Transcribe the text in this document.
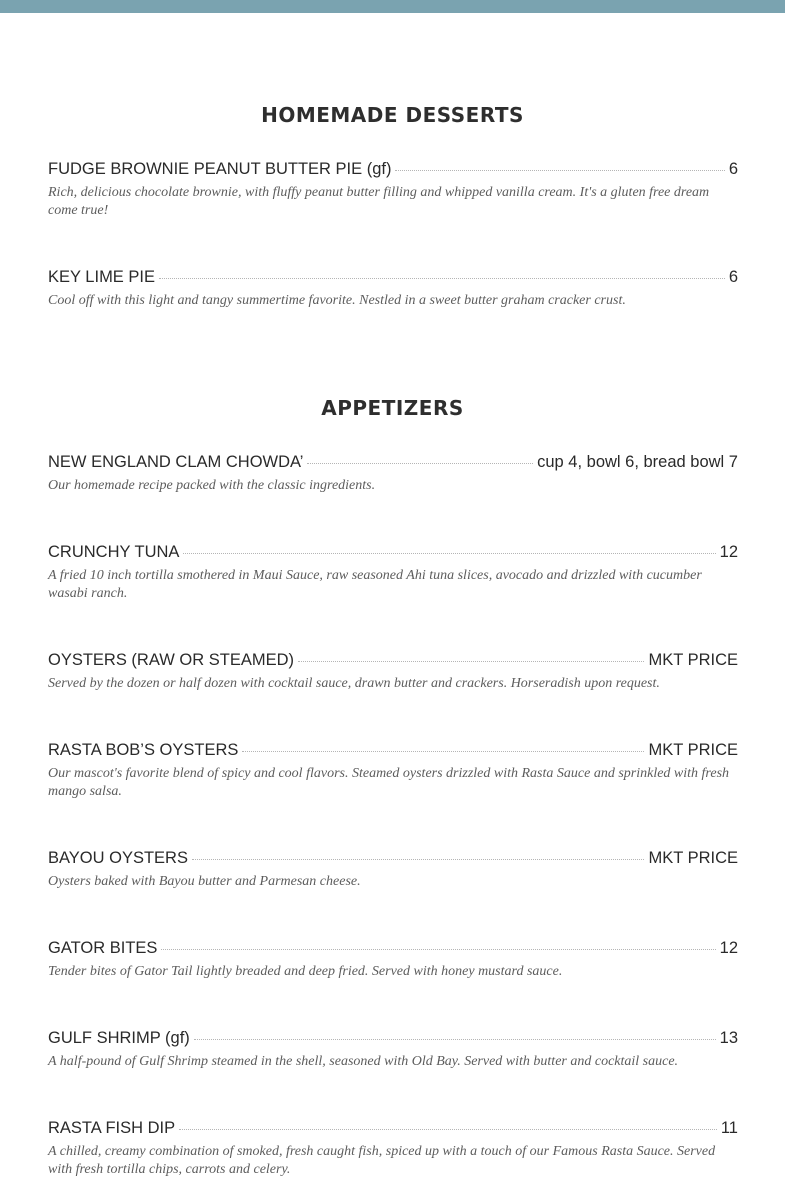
HOMEMADE DESSERTS
FUDGE BROWNIE PEANUT BUTTER PIE (gf)	6
Rich, delicious chocolate brownie, with fluffy peanut butter filling and whipped vanilla cream. It's a gluten free dream come true!
KEY LIME PIE	6
Cool off with this light and tangy summertime favorite. Nestled in a sweet butter graham cracker crust.
APPETIZERS
NEW ENGLAND CLAM CHOWDA’	cup 4, bowl 6, bread bowl 7
Our homemade recipe packed with the classic ingredients.
CRUNCHY TUNA	12
A fried 10 inch tortilla smothered in Maui Sauce, raw seasoned Ahi tuna slices, avocado and drizzled with cucumber wasabi ranch.
OYSTERS (RAW OR STEAMED)	MKT PRICE
Served by the dozen or half dozen with cocktail sauce, drawn butter and crackers. Horseradish upon request.
RASTA BOB’S OYSTERS	MKT PRICE
Our mascot's favorite blend of spicy and cool flavors. Steamed oysters drizzled with Rasta Sauce and sprinkled with fresh mango salsa.
BAYOU OYSTERS	MKT PRICE
Oysters baked with Bayou butter and Parmesan cheese.
GATOR BITES	12
Tender bites of Gator Tail lightly breaded and deep fried. Served with honey mustard sauce.
GULF SHRIMP (gf)	13
A half-pound of Gulf Shrimp steamed in the shell, seasoned with Old Bay. Served with butter and cocktail sauce.
RASTA FISH DIP	11
A chilled, creamy combination of smoked, fresh caught fish, spiced up with a touch of our Famous Rasta Sauce. Served with fresh tortilla chips, carrots and celery.
